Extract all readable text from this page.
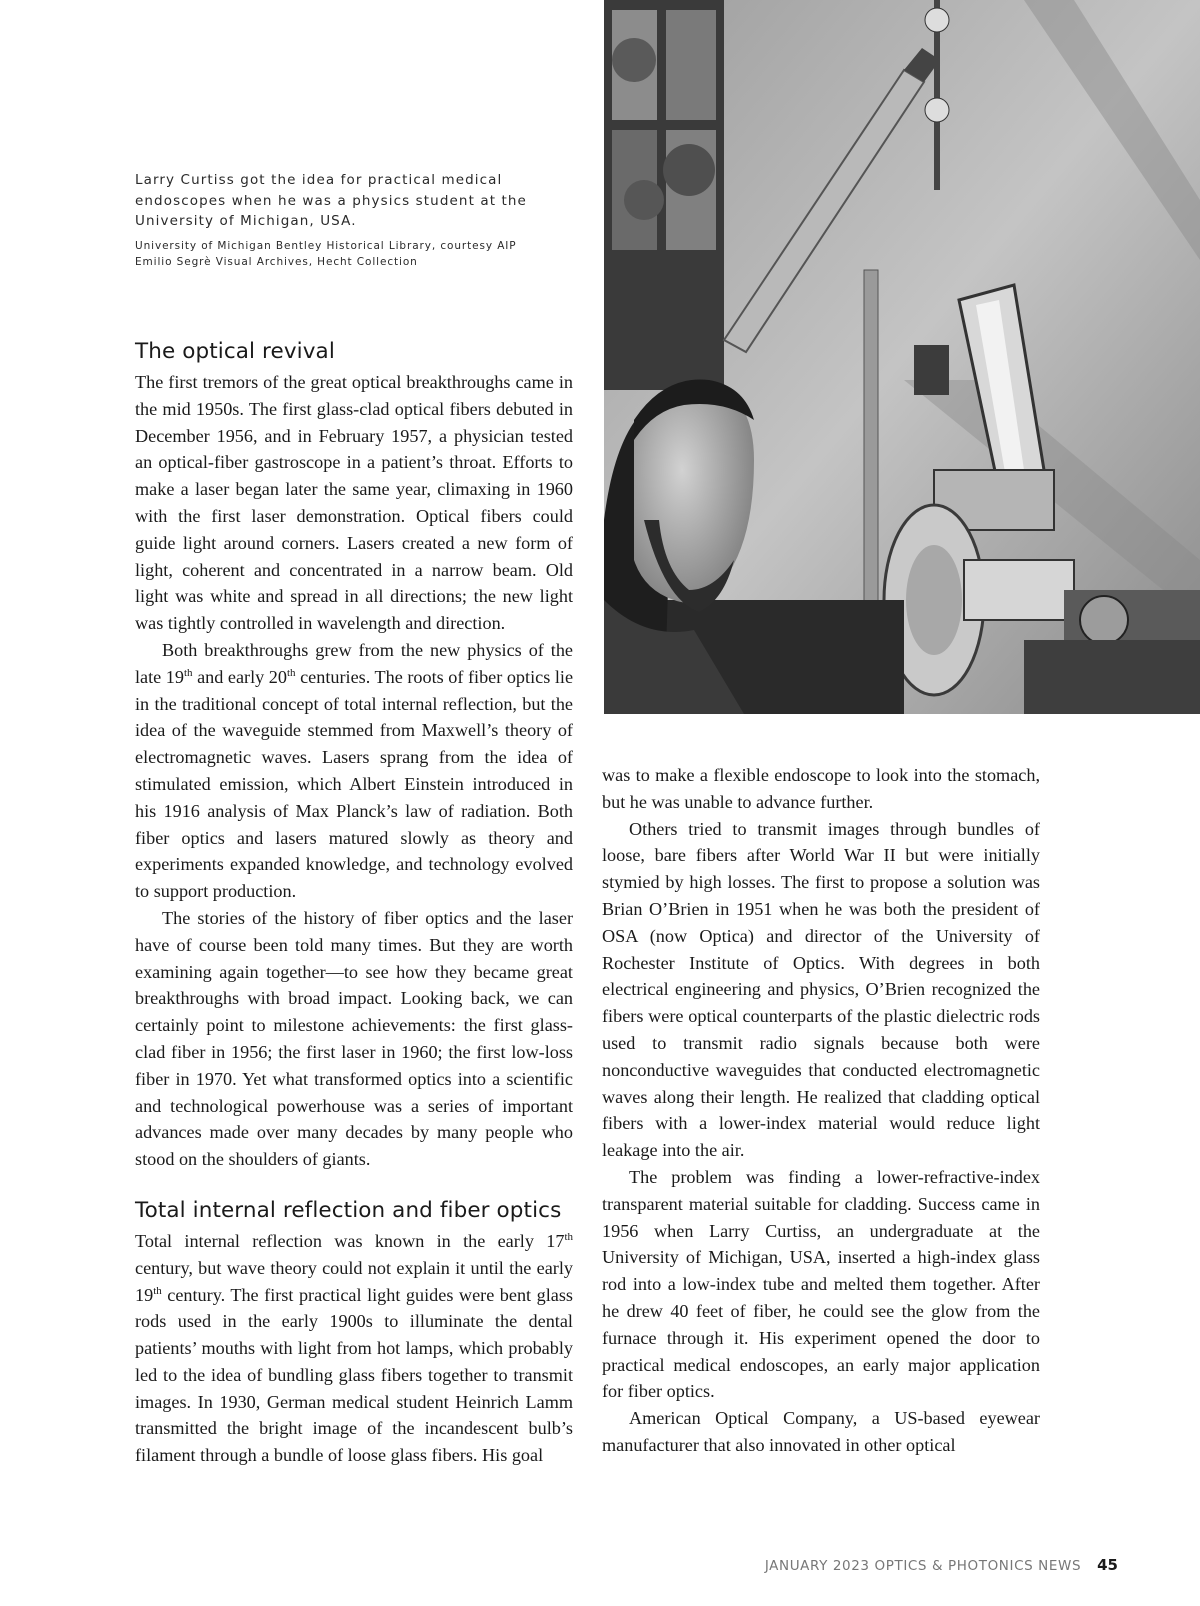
Larry Curtiss got the idea for practical medical endoscopes when he was a physics student at the University of Michigan, USA.

University of Michigan Bentley Historical Library, courtesy AIP Emilio Segrè Visual Archives, Hecht Collection

The optical revival

The first tremors of the great optical breakthroughs came in the mid 1950s. The first glass-clad optical fibers debuted in December 1956, and in February 1957, a physician tested an optical-fiber gastroscope in a patient’s throat. Efforts to make a laser began later the same year, climaxing in 1960 with the first laser demonstration. Optical fibers could guide light around corners. Lasers created a new form of light, coherent and concentrated in a narrow beam. Old light was white and spread in all directions; the new light was tightly controlled in wavelength and direction.

Both breakthroughs grew from the new physics of the late 19th and early 20th centuries. The roots of fiber optics lie in the traditional concept of total internal reflection, but the idea of the waveguide stemmed from Maxwell’s theory of electromagnetic waves. Lasers sprang from the idea of stimulated emission, which Albert Einstein introduced in his 1916 analysis of Max Planck’s law of radiation. Both fiber optics and lasers matured slowly as theory and experiments expanded knowledge, and technology evolved to support production.

The stories of the history of fiber optics and the laser have of course been told many times. But they are worth examining again together—to see how they became great breakthroughs with broad impact. Looking back, we can certainly point to milestone achievements: the first glass-clad fiber in 1956; the first laser in 1960; the first low-loss fiber in 1970. Yet what transformed optics into a scientific and technological powerhouse was a series of important advances made over many decades by many people who stood on the shoulders of giants.

Total internal reflection and fiber optics

Total internal reflection was known in the early 17th century, but wave theory could not explain it until the early 19th century. The first practical light guides were bent glass rods used in the early 1900s to illuminate the dental patients’ mouths with light from hot lamps, which probably led to the idea of bundling glass fibers together to transmit images. In 1930, German medical student Heinrich Lamm transmitted the bright image of the incandescent bulb’s filament through a bundle of loose glass fibers. His goal

was to make a flexible endoscope to look into the stomach, but he was unable to advance further.

Others tried to transmit images through bundles of loose, bare fibers after World War II but were initially stymied by high losses. The first to propose a solution was Brian O’Brien in 1951 when he was both the president of OSA (now Optica) and director of the University of Rochester Institute of Optics. With degrees in both electrical engineering and physics, O’Brien recognized the fibers were optical counterparts of the plastic dielectric rods used to transmit radio signals because both were nonconductive waveguides that conducted electromagnetic waves along their length. He realized that cladding optical fibers with a lower-index material would reduce light leakage into the air.

The problem was finding a lower-refractive-index transparent material suitable for cladding. Success came in 1956 when Larry Curtiss, an undergraduate at the University of Michigan, USA, inserted a high-index glass rod into a low-index tube and melted them together. After he drew 40 feet of fiber, he could see the glow from the furnace through it. His experiment opened the door to practical medical endoscopes, an early major application for fiber optics.

American Optical Company, a US-based eyewear manufacturer that also innovated in other optical

JANUARY 2023 OPTICS & PHOTONICS NEWS 45
